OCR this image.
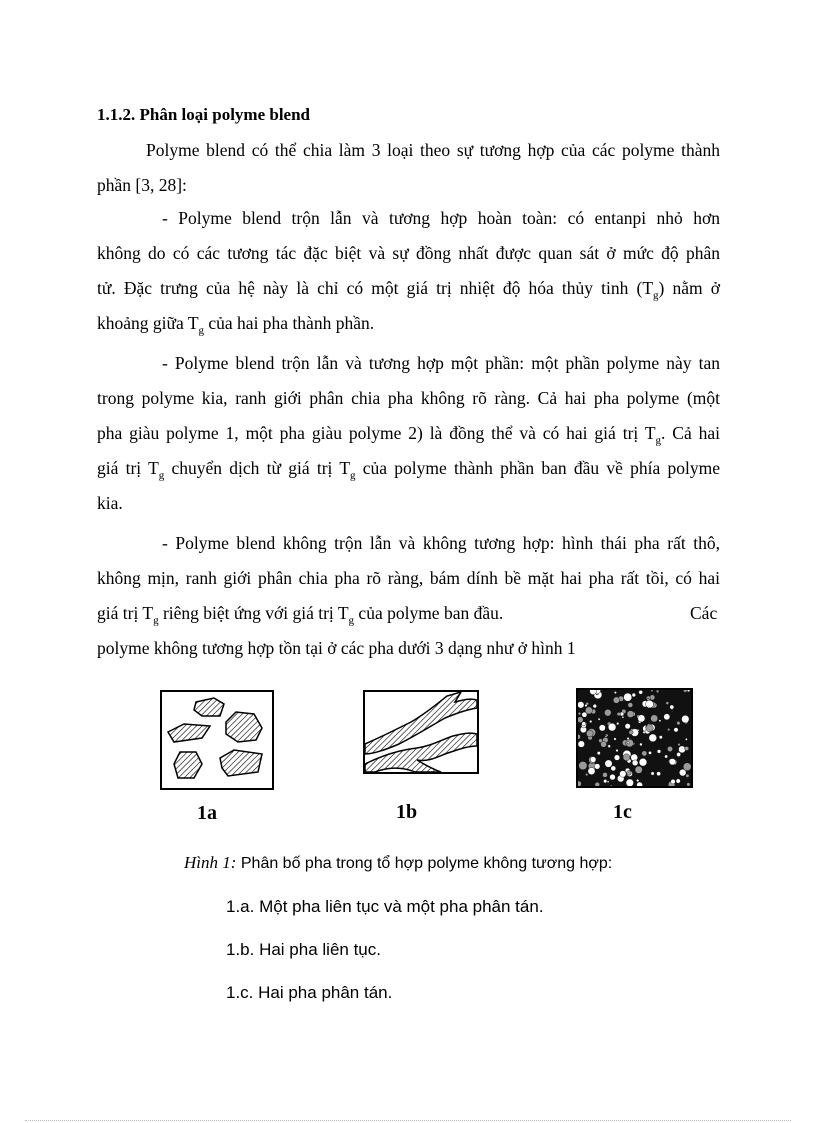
1.1.2. Phân loại polyme blend

Polyme blend có thể chia làm 3 loại theo sự tương hợp của các polyme thành

phần [3, 28]:

- Polyme blend trộn lẫn và tương hợp hoàn toàn: có entanpi nhỏ hơn

không do có các tương tác đặc biệt và sự đồng nhất được quan sát ở mức độ phân

tử. Đặc trưng của hệ này là chỉ có một giá trị nhiệt độ hóa thủy tinh $(T_g)$ nằm ở

khoảng giữa $T_g$ của hai pha thành phần.

- Polyme blend trộn lẫn và tương hợp một phần: một phần polyme này tan

trong polyme kia, ranh giới phân chia pha không rõ ràng. Cả hai pha polyme (một

pha giàu polyme 1, một pha giàu polyme 2) là đồng thể và có hai giá trị $T_g$. Cả hai

giá trị $T_g$ chuyển dịch từ giá trị $T_g$ của polyme thành phần ban đầu về phía polyme

kia.

- Polyme blend không trộn lẫn và không tương hợp: hình thái pha rất thô,

không mịn, ranh giới phân chia pha rõ ràng, bám dính bề mặt hai pha rất tồi, có hai

giá trị $T_g$ riêng biệt ứng với giá trị $T_g$ của polyme ban đầu.	Các

polyme không tương hợp tồn tại ở các pha dưới 3 dạng như ở hình 1

1a	1b	1c
Hình 1: Phân bố pha trong tổ hợp polyme không tương hợp:
1.a. Một pha liên tục và một pha phân tán.
1.b. Hai pha liên tục.
1.c. Hai pha phân tán.
